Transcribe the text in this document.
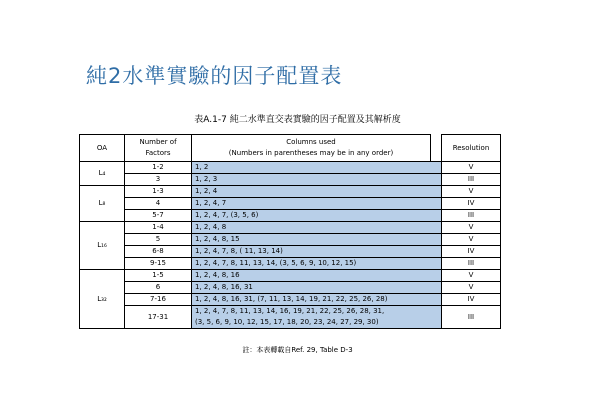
純2水準實驗的因子配置表
表A.1-7 純二水準直交表實驗的因子配置及其解析度
OA	Number of Factors	Columns used
(Numbers in parentheses may be in any order)		Resolution
L₄	1-2	1, 2		V
	3	1, 2, 3		III
L₈	1-3	1, 2, 4		V
	4	1, 2, 4, 7		IV
	5-7	1, 2, 4, 7, (3, 5, 6)		III
L₁₆	1-4	1, 2, 4, 8		V
	5	1, 2, 4, 8, 15		V
	6-8	1, 2, 4, 7, 8, ( 11, 13, 14)		IV
	9-15	1, 2, 4, 7, 8, 11, 13, 14, (3, 5, 6, 9, 10, 12, 15)		III
L₃₂	1-5	1, 2, 4, 8, 16		V
	6	1, 2, 4, 8, 16, 31		V
	7-16	1, 2, 4, 8, 16, 31, (7, 11, 13, 14, 19, 21, 22, 25, 26, 28)		IV
	17-31	1, 2, 4, 7, 8, 11, 13, 14, 16, 19, 21, 22, 25, 26, 28, 31,
(3, 5, 6, 9, 10, 12, 15, 17, 18, 20, 23, 24, 27, 29, 30)		III
註：本表轉載自Ref. 29, Table D-3
